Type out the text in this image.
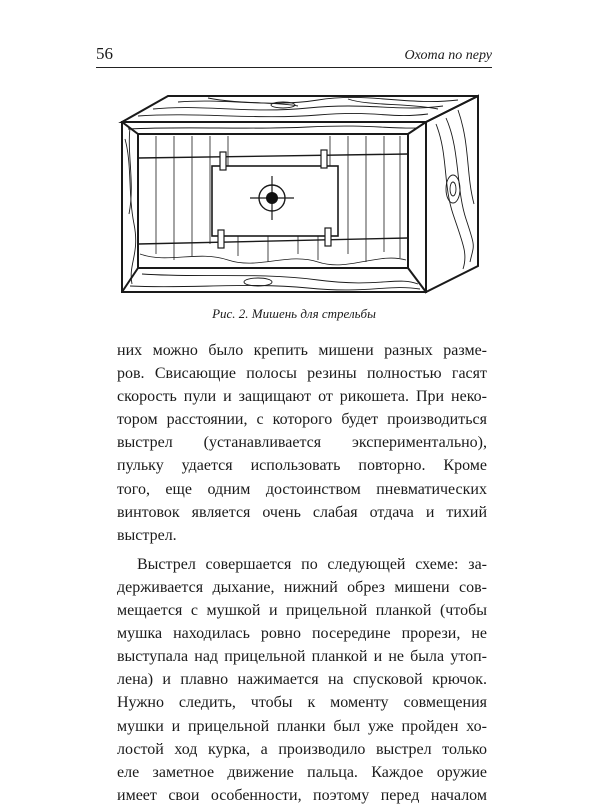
56	Охота по перу
Рис. 2. Мишень для стрельбы
них можно было крепить мишени разных разме-
ров. Свисающие полосы резины полностью гасят
скорость пули и защищают от рикошета. При неко-
тором расстоянии, с которого будет производиться
выстрел (устанавливается экспериментально),
пульку удается использовать повторно. Кроме
того, еще одним достоинством пневматических
винтовок является очень слабая отдача и тихий
выстрел.
Выстрел совершается по следующей схеме: за-
держивается дыхание, нижний обрез мишени сов-
мещается с мушкой и прицельной планкой (чтобы
мушка находилась ровно посередине прорези, не
выступала над прицельной планкой и не была утоп-
лена) и плавно нажимается на спусковой крючок.
Нужно следить, чтобы к моменту совмещения
мушки и прицельной планки был уже пройден хо-
лостой ход курка, а производило выстрел только
еле заметное движение пальца. Каждое оружие
имеет свои особенности, поэтому перед началом
